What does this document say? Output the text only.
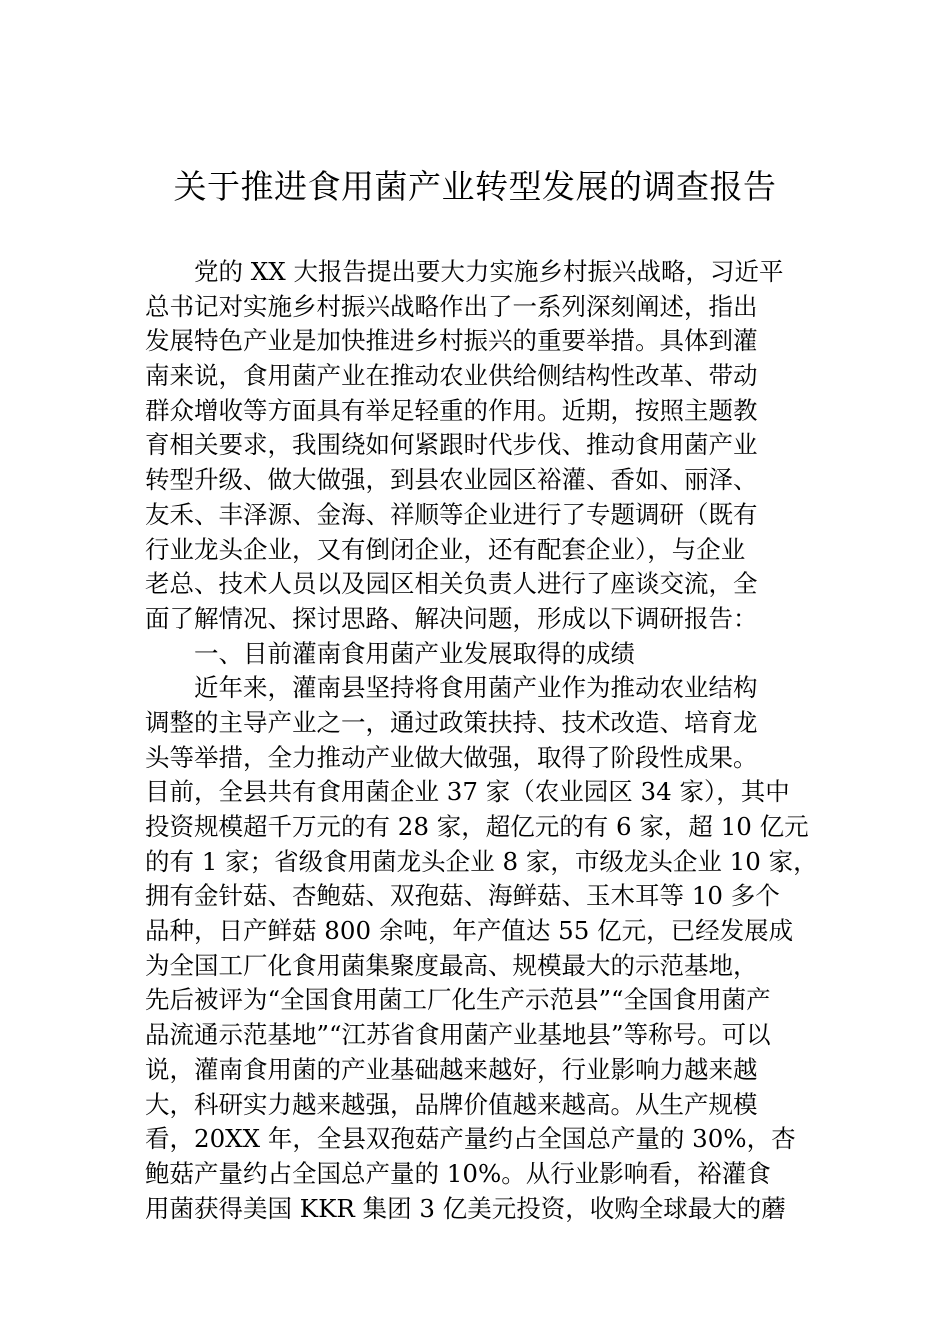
关于推进食用菌产业转型发展的调查报告
党的 XX 大报告提出要大力实施乡村振兴战略，习近平
总书记对实施乡村振兴战略作出了一系列深刻阐述，指出
发展特色产业是加快推进乡村振兴的重要举措。具体到灌
南来说，食用菌产业在推动农业供给侧结构性改革、带动
群众增收等方面具有举足轻重的作用。近期，按照主题教
育相关要求，我围绕如何紧跟时代步伐、推动食用菌产业
转型升级、做大做强，到县农业园区裕灌、香如、丽泽、
友禾、丰泽源、金海、祥顺等企业进行了专题调研（既有
行业龙头企业，又有倒闭企业，还有配套企业），与企业
老总、技术人员以及园区相关负责人进行了座谈交流，全
面了解情况、探讨思路、解决问题，形成以下调研报告：
一、目前灌南食用菌产业发展取得的成绩
近年来，灌南县坚持将食用菌产业作为推动农业结构
调整的主导产业之一，通过政策扶持、技术改造、培育龙
头等举措，全力推动产业做大做强，取得了阶段性成果。
目前，全县共有食用菌企业 37 家（农业园区 34 家），其中
投资规模超千万元的有 28 家，超亿元的有 6 家，超 10 亿元
的有 1 家；省级食用菌龙头企业 8 家，市级龙头企业 10 家，
拥有金针菇、杏鲍菇、双孢菇、海鲜菇、玉木耳等 10 多个
品种，日产鲜菇 800 余吨，年产值达 55 亿元，已经发展成
为全国工厂化食用菌集聚度最高、规模最大的示范基地，
先后被评为“全国食用菌工厂化生产示范县”“全国食用菌产
品流通示范基地”“江苏省食用菌产业基地县”等称号。可以
说，灌南食用菌的产业基础越来越好，行业影响力越来越
大，科研实力越来越强，品牌价值越来越高。从生产规模
看，20XX 年，全县双孢菇产量约占全国总产量的 30%，杏
鲍菇产量约占全国总产量的 10%。从行业影响看，裕灌食
用菌获得美国 KKR 集团 3 亿美元投资，收购全球最大的蘑
